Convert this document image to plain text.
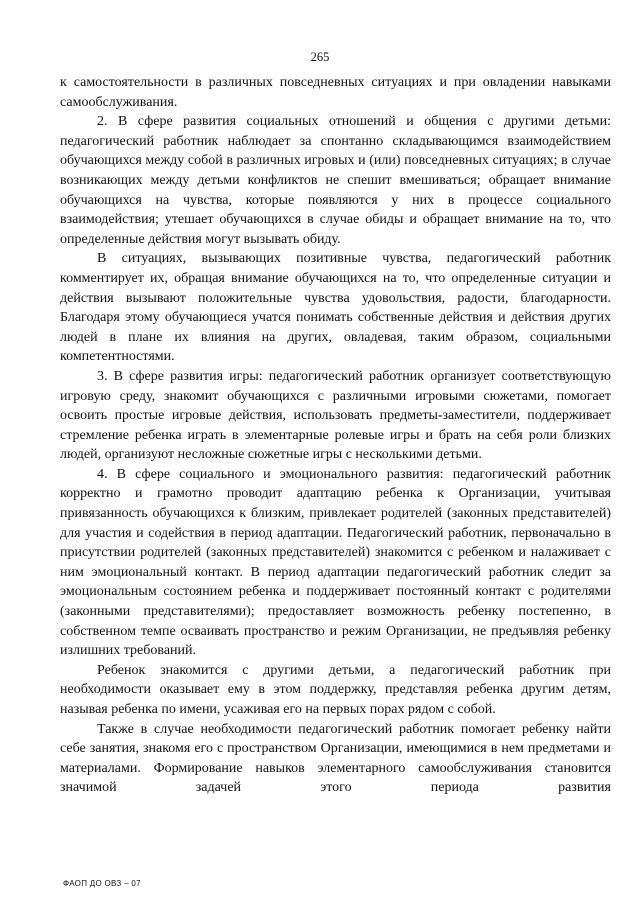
265

к самостоятельности в различных повседневных ситуациях и при овладении навыками самообслуживания.

2. В сфере развития социальных отношений и общения с другими детьми: педагогический работник наблюдает за спонтанно складывающимся взаимодействием обучающихся между собой в различных игровых и (или) повседневных ситуациях; в случае возникающих между детьми конфликтов не спешит вмешиваться; обращает внимание обучающихся на чувства, которые появляются у них в процессе социального взаимодействия; утешает обучающихся в случае обиды и обращает внимание на то, что определенные действия могут вызывать обиду.

В ситуациях, вызывающих позитивные чувства, педагогический работник комментирует их, обращая внимание обучающихся на то, что определенные ситуации и действия вызывают положительные чувства удовольствия, радости, благодарности. Благодаря этому обучающиеся учатся понимать собственные действия и действия других людей в плане их влияния на других, овладевая, таким образом, социальными компетентностями.

3. В сфере развития игры: педагогический работник организует соответствующую игровую среду, знакомит обучающихся с различными игровыми сюжетами, помогает освоить простые игровые действия, использовать предметы-заместители, поддерживает стремление ребенка играть в элементарные ролевые игры и брать на себя роли близких людей, организуют несложные сюжетные игры с несколькими детьми.

4. В сфере социального и эмоционального развития: педагогический работник корректно и грамотно проводит адаптацию ребенка к Организации, учитывая привязанность обучающихся к близким, привлекает родителей (законных представителей) для участия и содействия в период адаптации. Педагогический работник, первоначально в присутствии родителей (законных представителей) знакомится с ребенком и налаживает с ним эмоциональный контакт. В период адаптации педагогический работник следит за эмоциональным состоянием ребенка и поддерживает постоянный контакт с родителями (законными представителями); предоставляет возможность ребенку постепенно, в собственном темпе осваивать пространство и режим Организации, не предъявляя ребенку излишних требований.

Ребенок знакомится с другими детьми, а педагогический работник при необходимости оказывает ему в этом поддержку, представляя ребенка другим детям, называя ребенка по имени, усаживая его на первых порах рядом с собой.

Также в случае необходимости педагогический работник помогает ребенку найти себе занятия, знакомя его с пространством Организации, имеющимися в нем предметами и материалами. Формирование навыков элементарного самообслуживания становится значимой задачей этого периода развития

ФАОП ДО ОВЗ – 07
